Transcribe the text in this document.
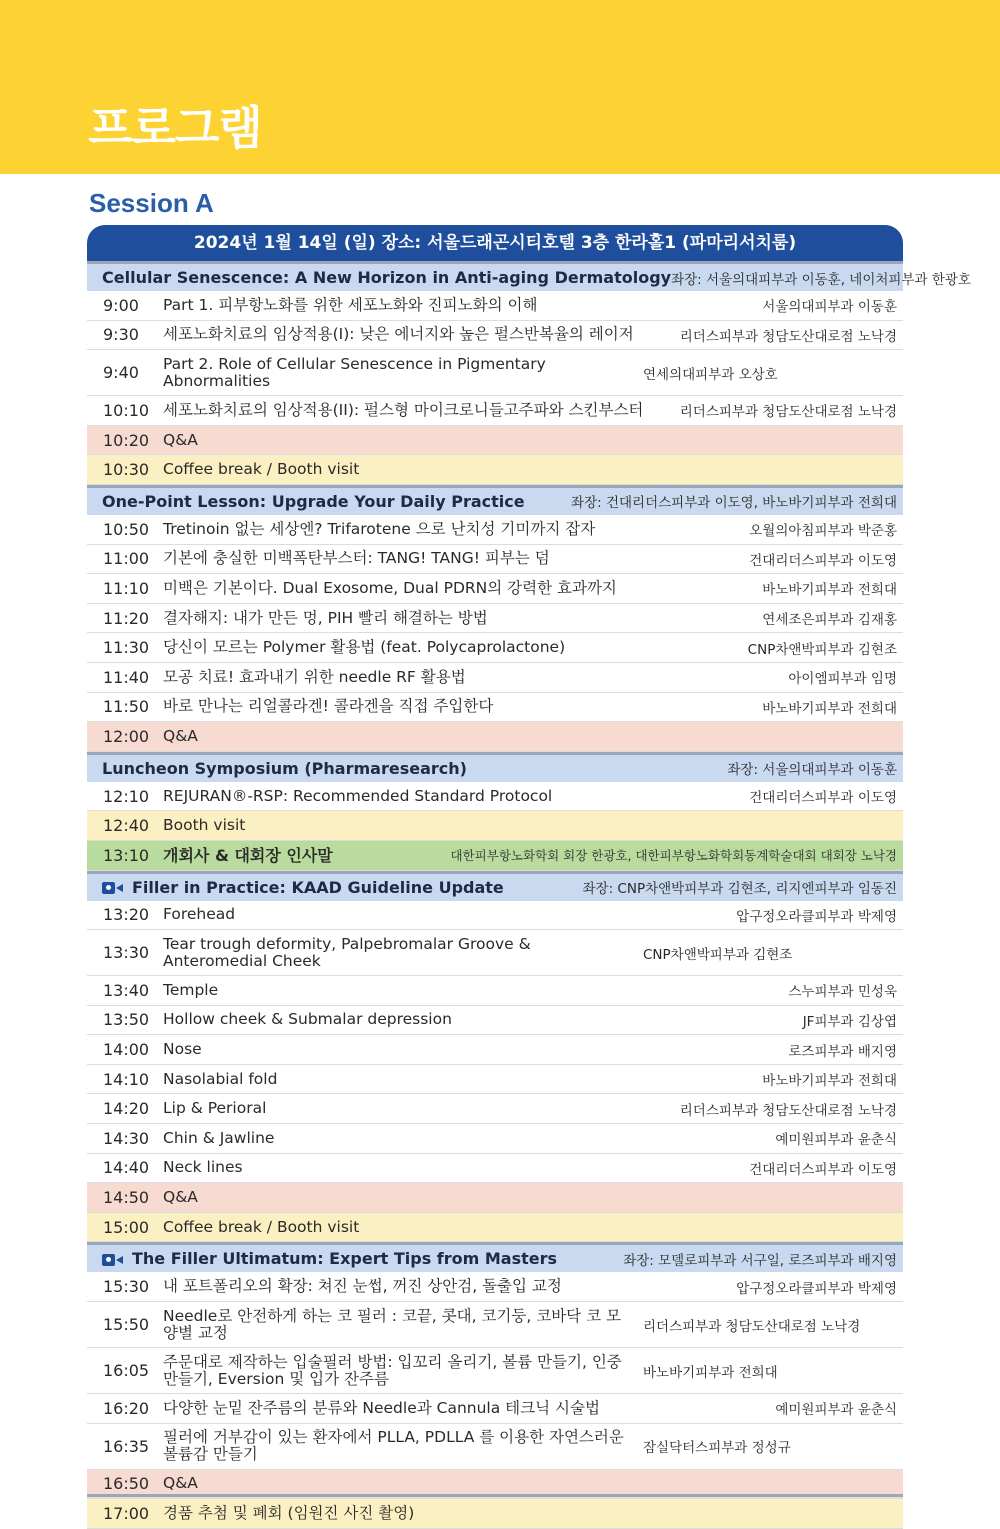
프로그램
Session A
2024년 1월 14일 (일) 장소: 서울드래곤시티호텔 3층 한라홀1 (파마리서치룸)
Cellular Senescence: A New Horizon in Anti-aging Dermatology 좌장: 서울의대피부과 이동훈, 네이처피부과 한광호
9:00	Part 1. 피부항노화를 위한 세포노화와 진피노화의 이해	서울의대피부과 이동훈
9:30	세포노화치료의 임상적용(I): 낮은 에너지와 높은 펄스반복율의 레이저	리더스피부과 청담도산대로점 노낙경
9:40	Part 2. Role of Cellular Senescence in Pigmentary Abnormalities	연세의대피부과 오상호
10:10 세포노화치료의 임상적용(II): 펄스형 마이크로니들고주파와 스킨부스터	리더스피부과 청담도산대로점 노낙경
10:20 Q&A
10:30 Coffee break / Booth visit
One-Point Lesson: Upgrade Your Daily Practice	좌장: 건대리더스피부과 이도영, 바노바기피부과 전희대
10:50 Tretinoin 없는 세상엔? Trifarotene 으로 난치성 기미까지 잡자	오월의아침피부과 박준홍
11:00 기본에 충실한 미백폭탄부스터: TANG! TANG! 피부는 덤	건대리더스피부과 이도영
11:10 미백은 기본이다. Dual Exosome, Dual PDRN의 강력한 효과까지	바노바기피부과 전희대
11:20 결자해지: 내가 만든 멍, PIH 빨리 해결하는 방법	연세조은피부과 김재홍
11:30 당신이 모르는 Polymer 활용법 (feat. Polycaprolactone)	CNP차앤박피부과 김현조
11:40 모공 치료! 효과내기 위한 needle RF 활용법	아이엠피부과 임명
11:50 바로 만나는 리얼콜라겐! 콜라겐을 직접 주입한다	바노바기피부과 전희대
12:00 Q&A
Luncheon Symposium (Pharmaresearch)	좌장: 서울의대피부과 이동훈
12:10 REJURAN®-RSP: Recommended Standard Protocol	건대리더스피부과 이도영
12:40 Booth visit
13:10 개회사 & 대회장 인사말	대한피부항노화학회 회장 한광호, 대한피부항노화학회동계학술대회 대회장 노낙경
Filler in Practice: KAAD Guideline Update	좌장: CNP차앤박피부과 김현조, 리지엔피부과 임동진
13:20 Forehead	압구정오라클피부과 박제영
13:30 Tear trough deformity, Palpebromalar Groove & Anteromedial Cheek	CNP차앤박피부과 김현조
13:40 Temple	스누피부과 민성욱
13:50 Hollow cheek & Submalar depression	JF피부과 김상엽
14:00 Nose	로즈피부과 배지영
14:10 Nasolabial fold	바노바기피부과 전희대
14:20 Lip & Perioral	리더스피부과 청담도산대로점 노낙경
14:30 Chin & Jawline	예미원피부과 윤춘식
14:40 Neck lines	건대리더스피부과 이도영
14:50 Q&A
15:00 Coffee break / Booth visit
The Filler Ultimatum: Expert Tips from Masters	좌장: 모델로피부과 서구일, 로즈피부과 배지영
15:30 내 포트폴리오의 확장: 쳐진 눈썹, 꺼진 상안검, 돌출입 교정	압구정오라클피부과 박제영
15:50 Needle로 안전하게 하는 코 필러 : 코끝, 콧대, 코기둥, 코바닥 코 모양별 교정	리더스피부과 청담도산대로점 노낙경
16:05 주문대로 제작하는 입술필러 방법: 입꼬리 올리기, 볼륨 만들기, 인중만들기, Eversion 및 입가 잔주름	바노바기피부과 전희대
16:20 다양한 눈밑 잔주름의 분류와 Needle과 Cannula 테크닉 시술법	예미원피부과 윤춘식
16:35 필러에 거부감이 있는 환자에서 PLLA, PDLLA 를 이용한 자연스러운 볼륨감 만들기	잠실닥터스피부과 정성규
16:50 Q&A
17:00 경품 추첨 및 폐회 (임원진 사진 촬영)
